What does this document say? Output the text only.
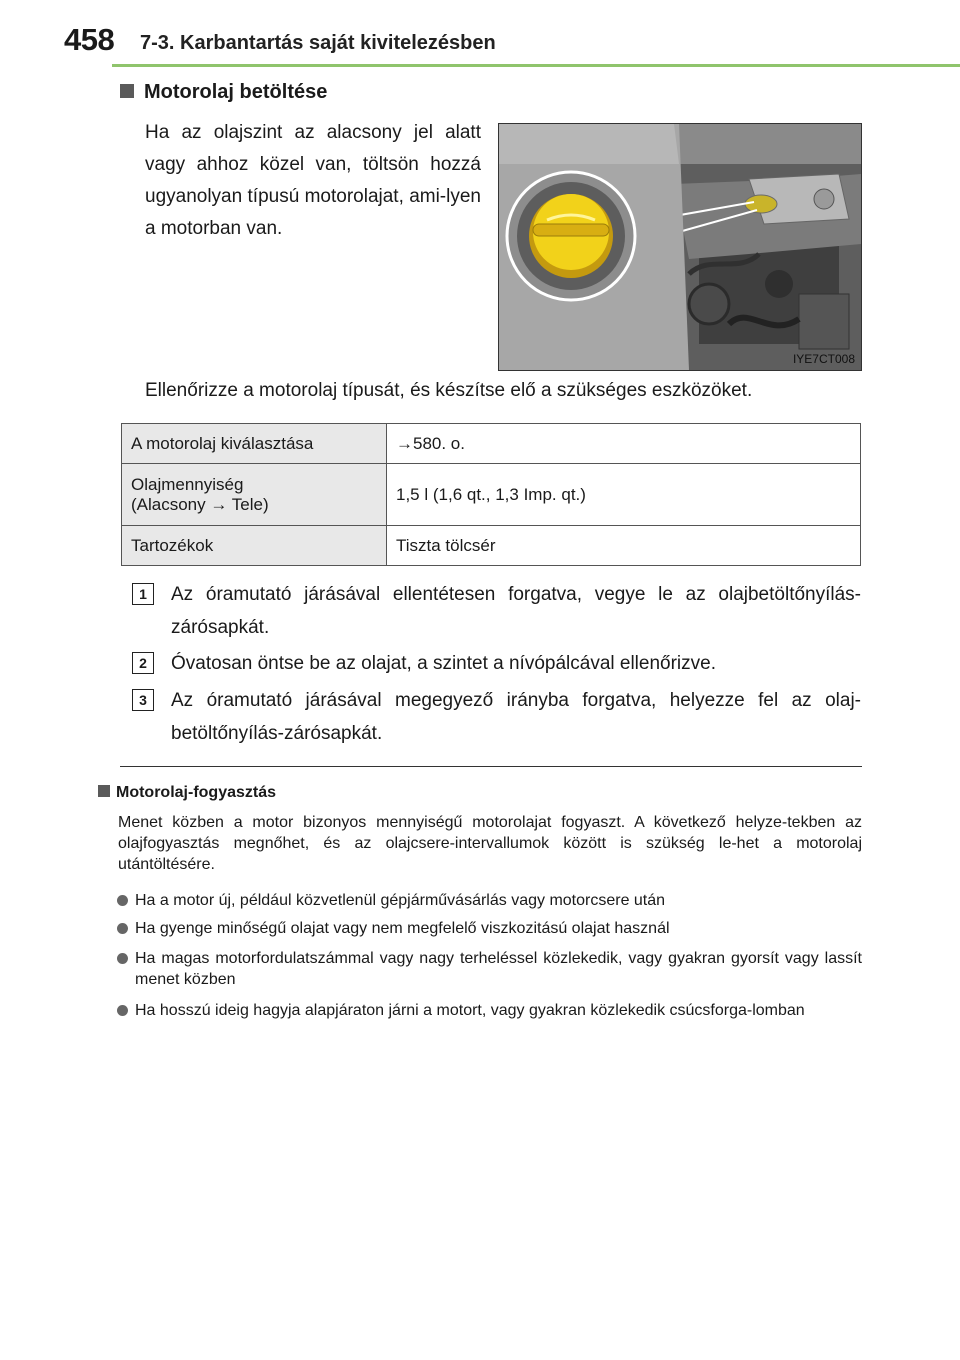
458 7-3. Karbantartás saját kivitelezésben
Motorolaj betöltése
Ha az olajszint az alacsony jel alatt vagy ahhoz közel van, töltsön hozzá ugyanolyan típusú motorolajat, ami-lyen a motorban van.
IYE7CT008
Ellenőrizze a motorolaj típusát, és készítse elő a szükséges eszközöket.
A motorolaj kiválasztása	→580. o.

Olajmennyiség
(Alacsony → Tele)	1,5 l (1,6 qt., 1,3 Imp. qt.)

Tartozékok	Tiszta tölcsér
1	Az óramutató járásával ellentétesen forgatva, vegye le az olajbetöltőnyílás-zárósapkát.
2	Óvatosan öntse be az olajat, a szintet a nívópálcával ellenőrizve.
3	Az óramutató járásával megegyező irányba forgatva, helyezze fel az olaj-betöltőnyílás-zárósapkát.
Motorolaj-fogyasztás
Menet közben a motor bizonyos mennyiségű motorolajat fogyaszt. A következő helyze-tekben az olajfogyasztás megnőhet, és az olajcsere-intervallumok között is szükség le-het a motorolaj utántöltésére.
Ha a motor új, például közvetlenül gépjárművásárlás vagy motorcsere után
Ha gyenge minőségű olajat vagy nem megfelelő viszkozitású olajat használ
Ha magas motorfordulatszámmal vagy nagy terheléssel közlekedik, vagy gyakran gyorsít vagy lassít menet közben
Ha hosszú ideig hagyja alapjáraton járni a motort, vagy gyakran közlekedik csúcsforga-lomban
